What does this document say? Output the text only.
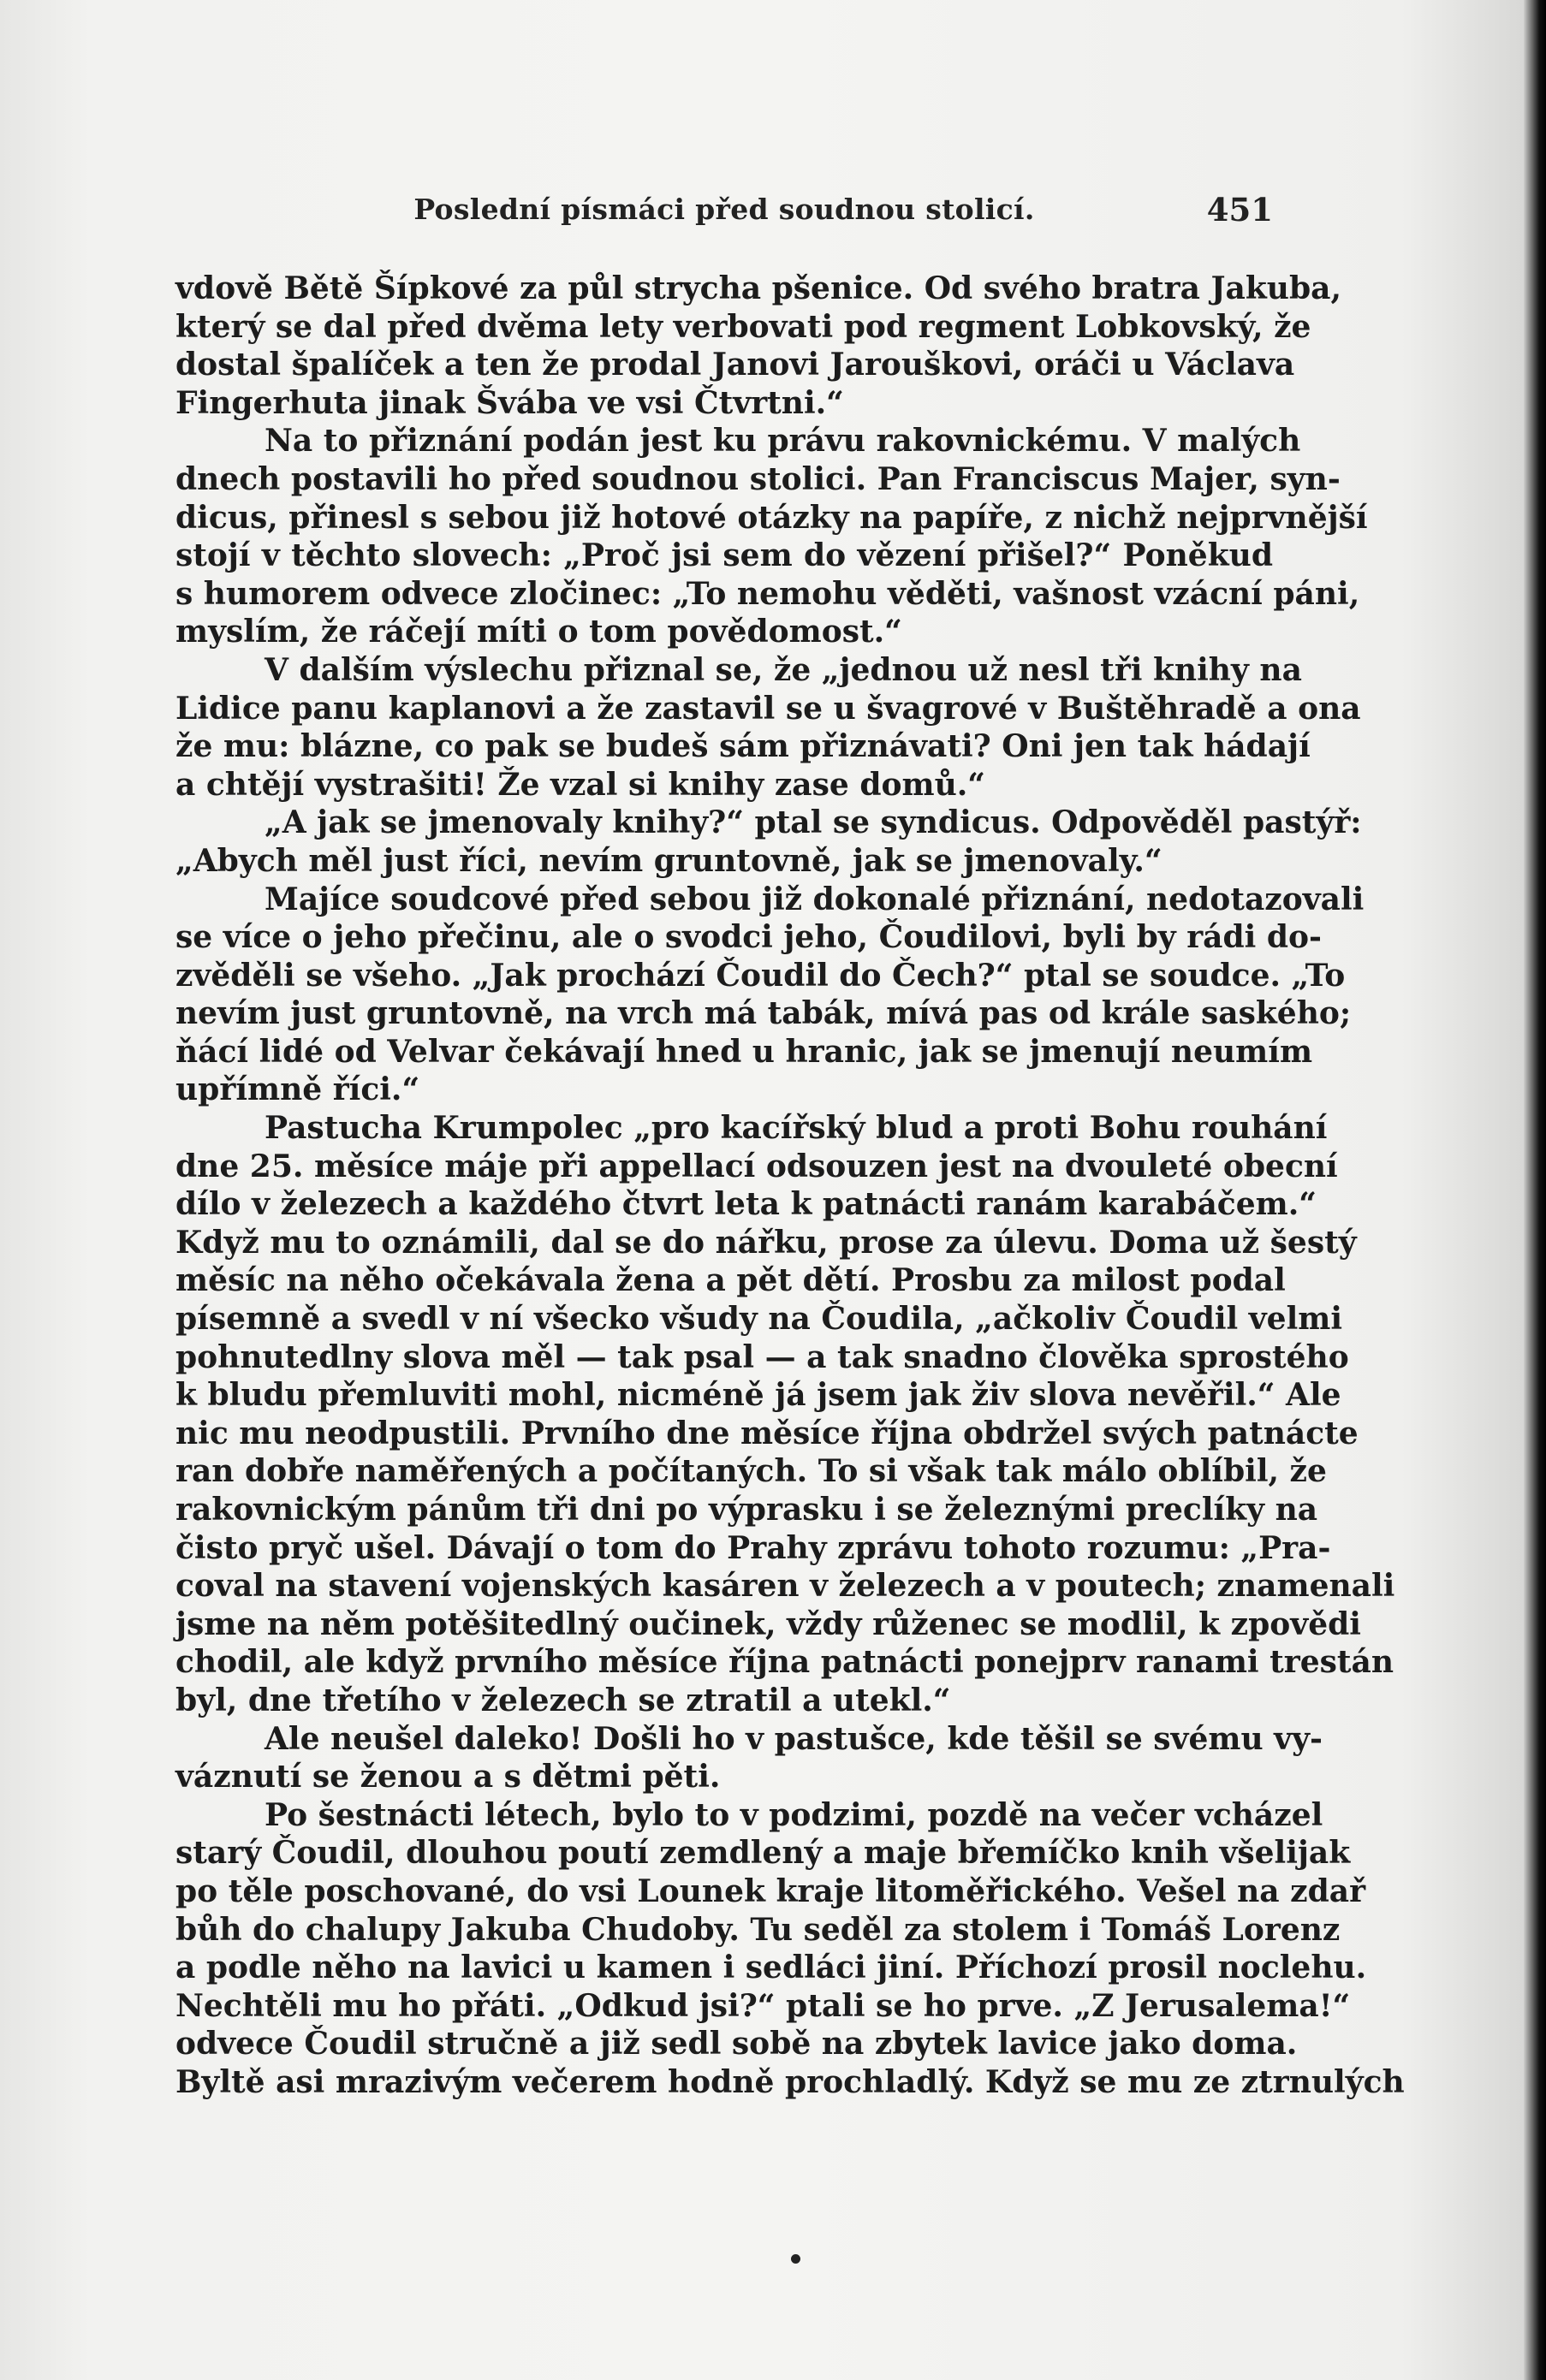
Poslední písmáci před soudnou stolicí.	451
vdově Bětě Šípkové za půl strycha pšenice. Od svého bratra Jakuba,
který se dal před dvěma lety verbovati pod regment Lobkovský, že
dostal špalíček a ten že prodal Janovi Jarouškovi, oráči u Václava
Fingerhuta jinak Švába ve vsi Čtvrtni.“
Na to přiznání podán jest ku právu rakovnickému. V malých
dnech postavili ho před soudnou stolici. Pan Franciscus Majer, syn-
dicus, přinesl s sebou již hotové otázky na papíře, z nichž nejprvnější
stojí v těchto slovech: „Proč jsi sem do vězení přišel?“ Poněkud
s humorem odvece zločinec: „To nemohu věděti, vašnost vzácní páni,
myslím, že ráčejí míti o tom povědomost.“
V dalším výslechu přiznal se, že „jednou už nesl tři knihy na
Lidice panu kaplanovi a že zastavil se u švagrové v Buštěhradě a ona
že mu: blázne, co pak se budeš sám přiznávati? Oni jen tak hádají
a chtějí vystrašiti! Že vzal si knihy zase domů.“
„A jak se jmenovaly knihy?“ ptal se syndicus. Odpověděl pastýř:
„Abych měl just říci, nevím gruntovně, jak se jmenovaly.“
Majíce soudcové před sebou již dokonalé přiznání, nedotazovali
se více o jeho přečinu, ale o svodci jeho, Čoudilovi, byli by rádi do-
zvěděli se všeho. „Jak prochází Čoudil do Čech?“ ptal se soudce. „To
nevím just gruntovně, na vrch má tabák, mívá pas od krále saského;
ňácí lidé od Velvar čekávají hned u hranic, jak se jmenují neumím
upřímně říci.“
Pastucha Krumpolec „pro kacířský blud a proti Bohu rouhání
dne 25. měsíce máje při appellací odsouzen jest na dvouleté obecní
dílo v železech a každého čtvrt leta k patnácti ranám karabáčem.“
Když mu to oznámili, dal se do nářku, prose za úlevu. Doma už šestý
měsíc na něho očekávala žena a pět dětí. Prosbu za milost podal
písemně a svedl v ní všecko všudy na Čoudila, „ačkoliv Čoudil velmi
pohnutedlny slova měl — tak psal — a tak snadno člověka sprostého
k bludu přemluviti mohl, nicméně já jsem jak živ slova nevěřil.“ Ale
nic mu neodpustili. Prvního dne měsíce října obdržel svých patnácte
ran dobře naměřených a počítaných. To si však tak málo oblíbil, že
rakovnickým pánům tři dni po výprasku i se železnými preclíky na
čisto pryč ušel. Dávají o tom do Prahy zprávu tohoto rozumu: „Pra-
coval na stavení vojenských kasáren v železech a v poutech; znamenali
jsme na něm potěšitedlný oučinek, vždy růženec se modlil, k zpovědi
chodil, ale když prvního měsíce října patnácti ponejprv ranami trestán
byl, dne třetího v železech se ztratil a utekl.“
Ale neušel daleko! Došli ho v pastušce, kde těšil se svému vy-
váznutí se ženou a s dětmi pěti.
Po šestnácti létech, bylo to v podzimi, pozdě na večer vcházel
starý Čoudil, dlouhou poutí zemdlený a maje břemíčko knih všelijak
po těle poschované, do vsi Lounek kraje litoměřického. Vešel na zdař
bůh do chalupy Jakuba Chudoby. Tu seděl za stolem i Tomáš Lorenz
a podle něho na lavici u kamen i sedláci jiní. Příchozí prosil noclehu.
Nechtěli mu ho přáti. „Odkud jsi?“ ptali se ho prve. „Z Jerusalema!“
odvece Čoudil stručně a již sedl sobě na zbytek lavice jako doma.
Byltě asi mrazivým večerem hodně prochladlý. Když se mu ze ztrnulých
